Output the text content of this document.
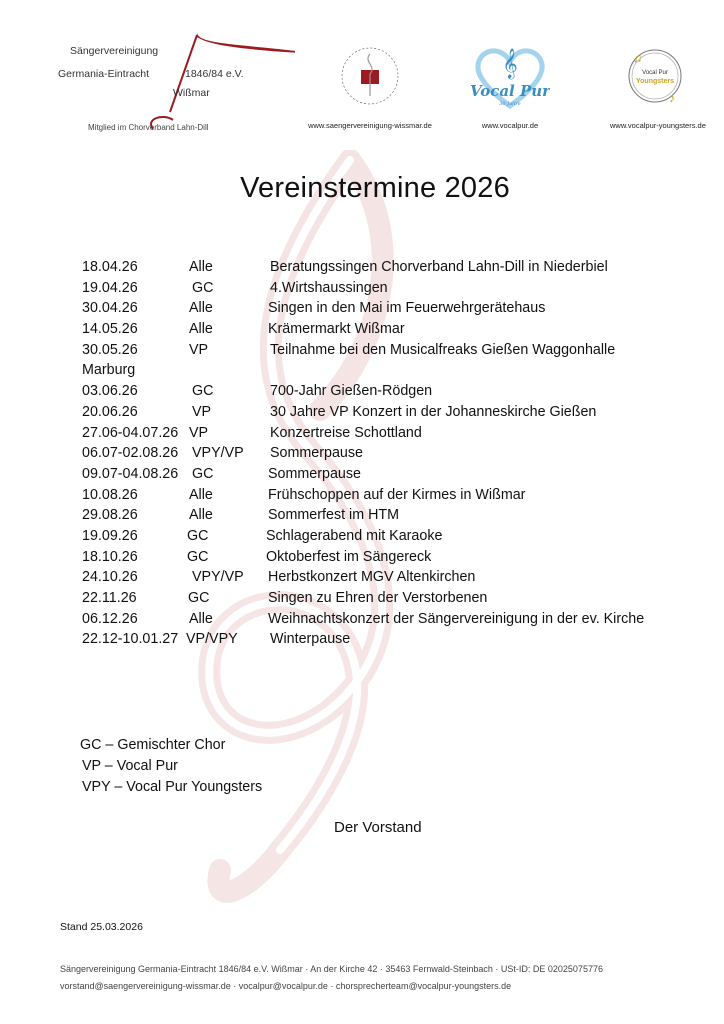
Sängervereinigung
Germania-Eintracht	1846/84 e.V.
Wißmar
Mitglied im Chorverband Lahn-Dill	www.saengervereinigung-wissmar.de
𝄞
Vocal Pur
30 Jahre
www.vocalpur.de
♫
♪
Vocal Pur
Youngsters
www.vocalpur-youngsters.de
Vereinstermine 2026
18.04.26	Alle	Beratungssingen Chorverband Lahn-Dill in Niederbiel
19.04.26	GC	4.Wirtshaussingen
30.04.26	Alle	Singen in den Mai im Feuerwehrgerätehaus
14.05.26	Alle	Krämermarkt Wißmar
30.05.26	VP	Teilnahme bei den Musicalfreaks Gießen Waggonhalle
Marburg
03.06.26	GC	700-Jahr Gießen-Rödgen
20.06.26	VP	30 Jahre VP Konzert in der Johanneskirche Gießen
27.06-04.07.26 VP	Konzertreise Schottland
06.07-02.08.26 VPY/VP Sommerpause
09.07-04.08.26 GC	Sommerpause
10.08.26	Alle	Frühschoppen auf der Kirmes in Wißmar
29.08.26	Alle	Sommerfest im HTM
19.09.26	GC	Schlagerabend mit Karaoke
18.10.26	GC	Oktoberfest im Sängereck
24.10.26	VPY/VP Herbstkonzert MGV Altenkirchen
22.11.26	GC	Singen zu Ehren der Verstorbenen
06.12.26	Alle	Weihnachtskonzert der Sängervereinigung in der ev. Kirche
22.12-10.01.27 VP/VPY Winterpause
GC – Gemischter Chor
VP – Vocal Pur
VPY – Vocal Pur Youngsters
Der Vorstand
Stand 25.03.2026
Sängervereinigung Germania-Eintracht 1846/84 e.V. Wißmar · An der Kirche 42 · 35463 Fernwald-Steinbach · USt-ID: DE 02025075776
vorstand@saengervereinigung-wissmar.de · vocalpur@vocalpur.de · chorsprecherteam@vocalpur-youngsters.de
